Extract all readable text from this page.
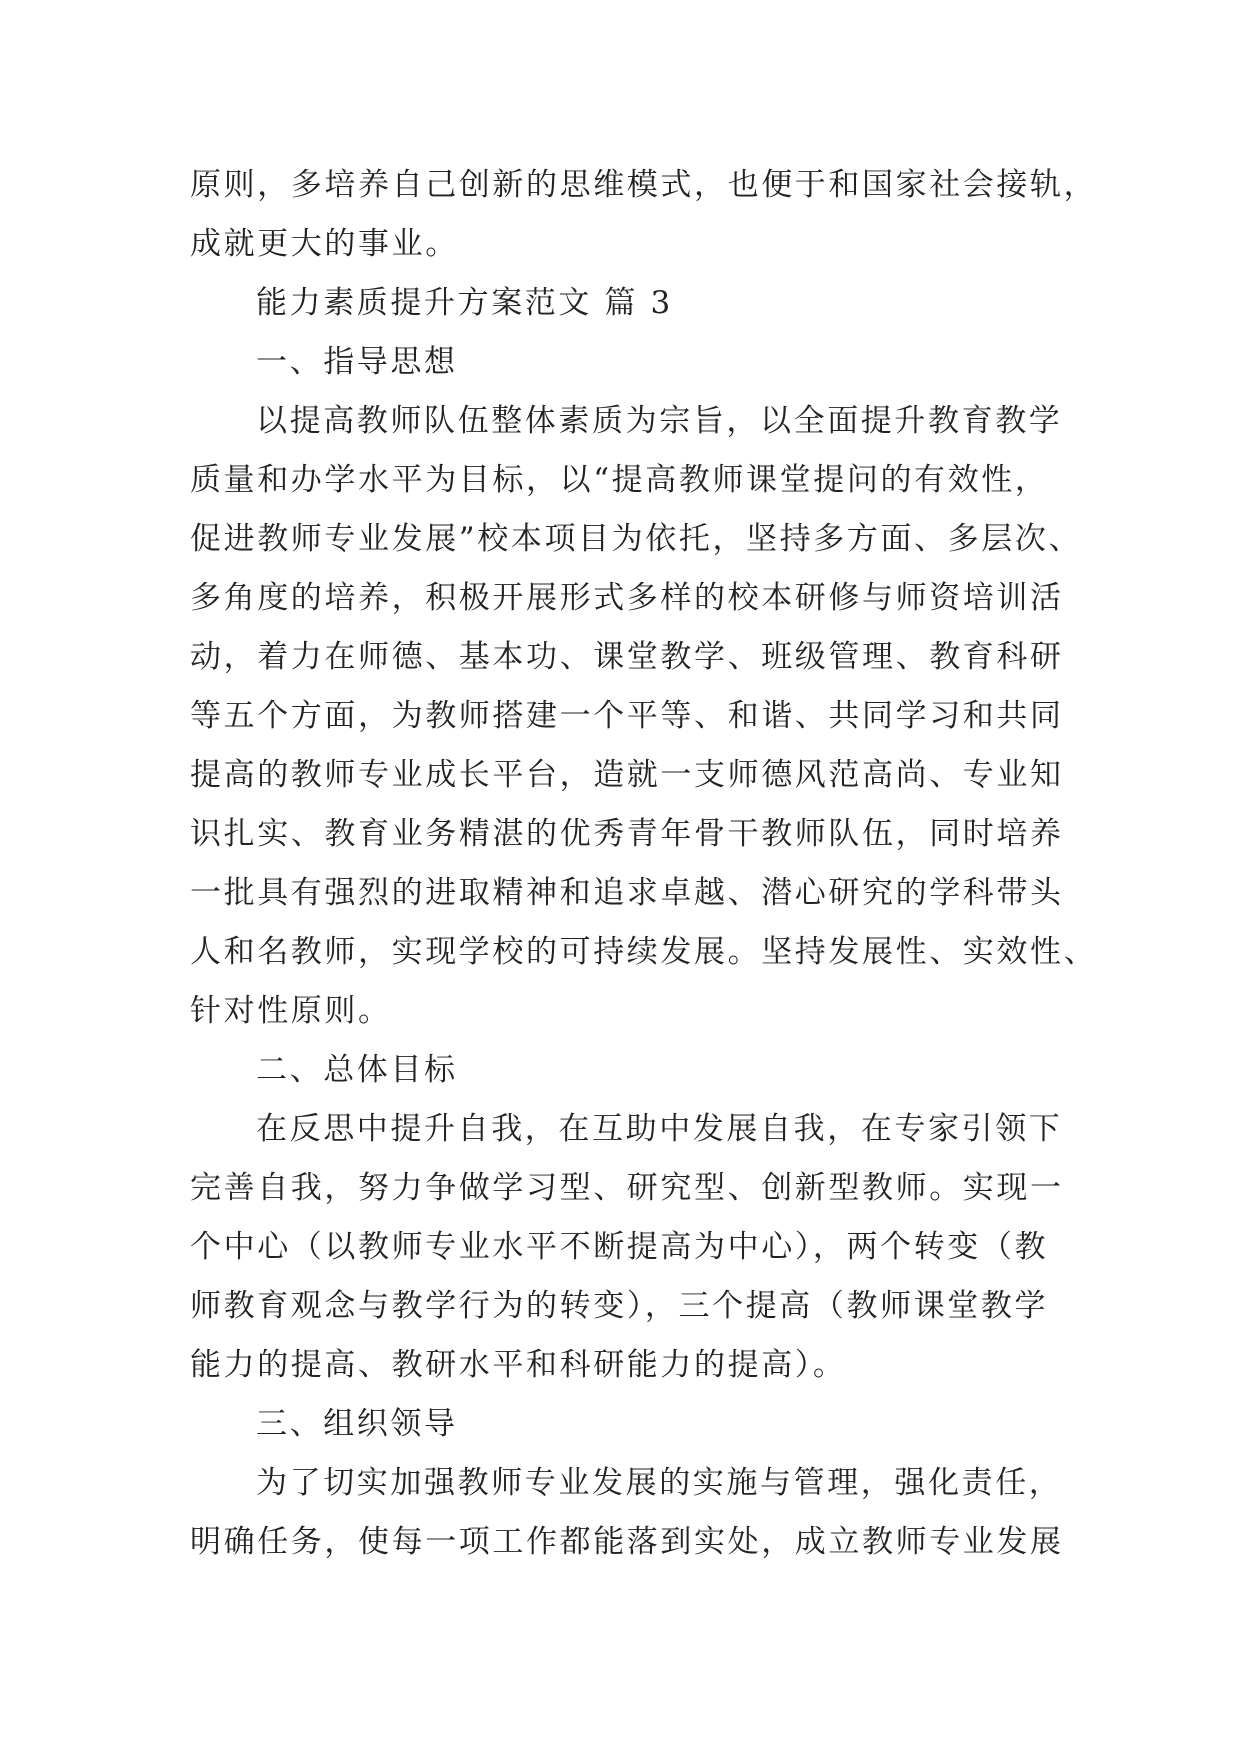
原则，多培养自己创新的思维模式，也便于和国家社会接轨，
成就更大的事业。
能力素质提升方案范文 篇 3
一、指导思想
以提高教师队伍整体素质为宗旨，以全面提升教育教学
质量和办学水平为目标，以“提高教师课堂提问的有效性，
促进教师专业发展”校本项目为依托，坚持多方面、多层次、
多角度的培养，积极开展形式多样的校本研修与师资培训活
动，着力在师德、基本功、课堂教学、班级管理、教育科研
等五个方面，为教师搭建一个平等、和谐、共同学习和共同
提高的教师专业成长平台，造就一支师德风范高尚、专业知
识扎实、教育业务精湛的优秀青年骨干教师队伍，同时培养
一批具有强烈的进取精神和追求卓越、潜心研究的学科带头
人和名教师，实现学校的可持续发展。坚持发展性、实效性、
针对性原则。
二、总体目标
在反思中提升自我，在互助中发展自我，在专家引领下
完善自我，努力争做学习型、研究型、创新型教师。实现一
个中心（以教师专业水平不断提高为中心），两个转变（教
师教育观念与教学行为的转变），三个提高（教师课堂教学
能力的提高、教研水平和科研能力的提高）。
三、组织领导
为了切实加强教师专业发展的实施与管理，强化责任，
明确任务，使每一项工作都能落到实处，成立教师专业发展
